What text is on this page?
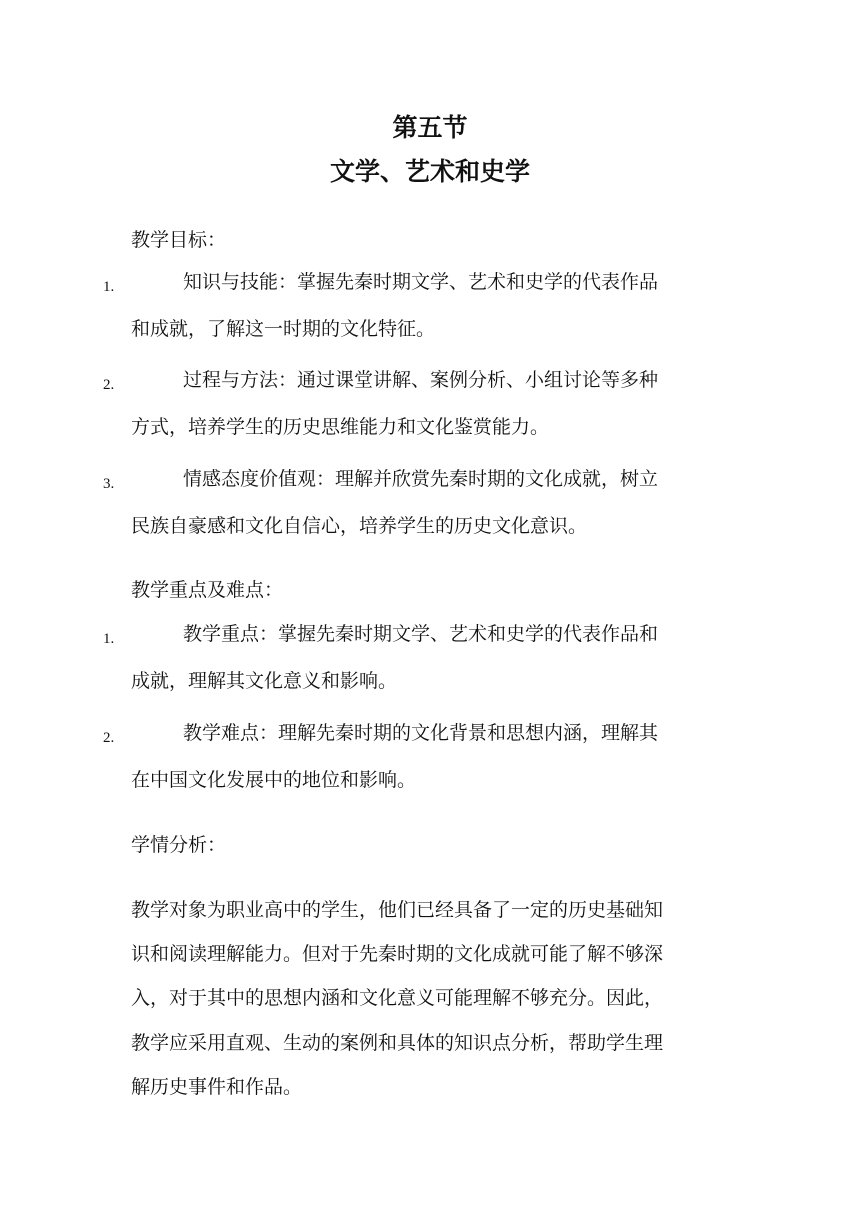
第五节
文学、艺术和史学
教学目标：
1.	知识与技能：掌握先秦时期文学、艺术和史学的代表作品
和成就，了解这一时期的文化特征。
2.	过程与方法：通过课堂讲解、案例分析、小组讨论等多种
方式，培养学生的历史思维能力和文化鉴赏能力。
3.	情感态度价值观：理解并欣赏先秦时期的文化成就，树立
民族自豪感和文化自信心，培养学生的历史文化意识。
教学重点及难点：
1.	教学重点：掌握先秦时期文学、艺术和史学的代表作品和
成就，理解其文化意义和影响。
2.	教学难点：理解先秦时期的文化背景和思想内涵，理解其
在中国文化发展中的地位和影响。
学情分析：
教学对象为职业高中的学生，他们已经具备了一定的历史基础知
识和阅读理解能力。但对于先秦时期的文化成就可能了解不够深
入，对于其中的思想内涵和文化意义可能理解不够充分。因此，
教学应采用直观、生动的案例和具体的知识点分析，帮助学生理
解历史事件和作品。
